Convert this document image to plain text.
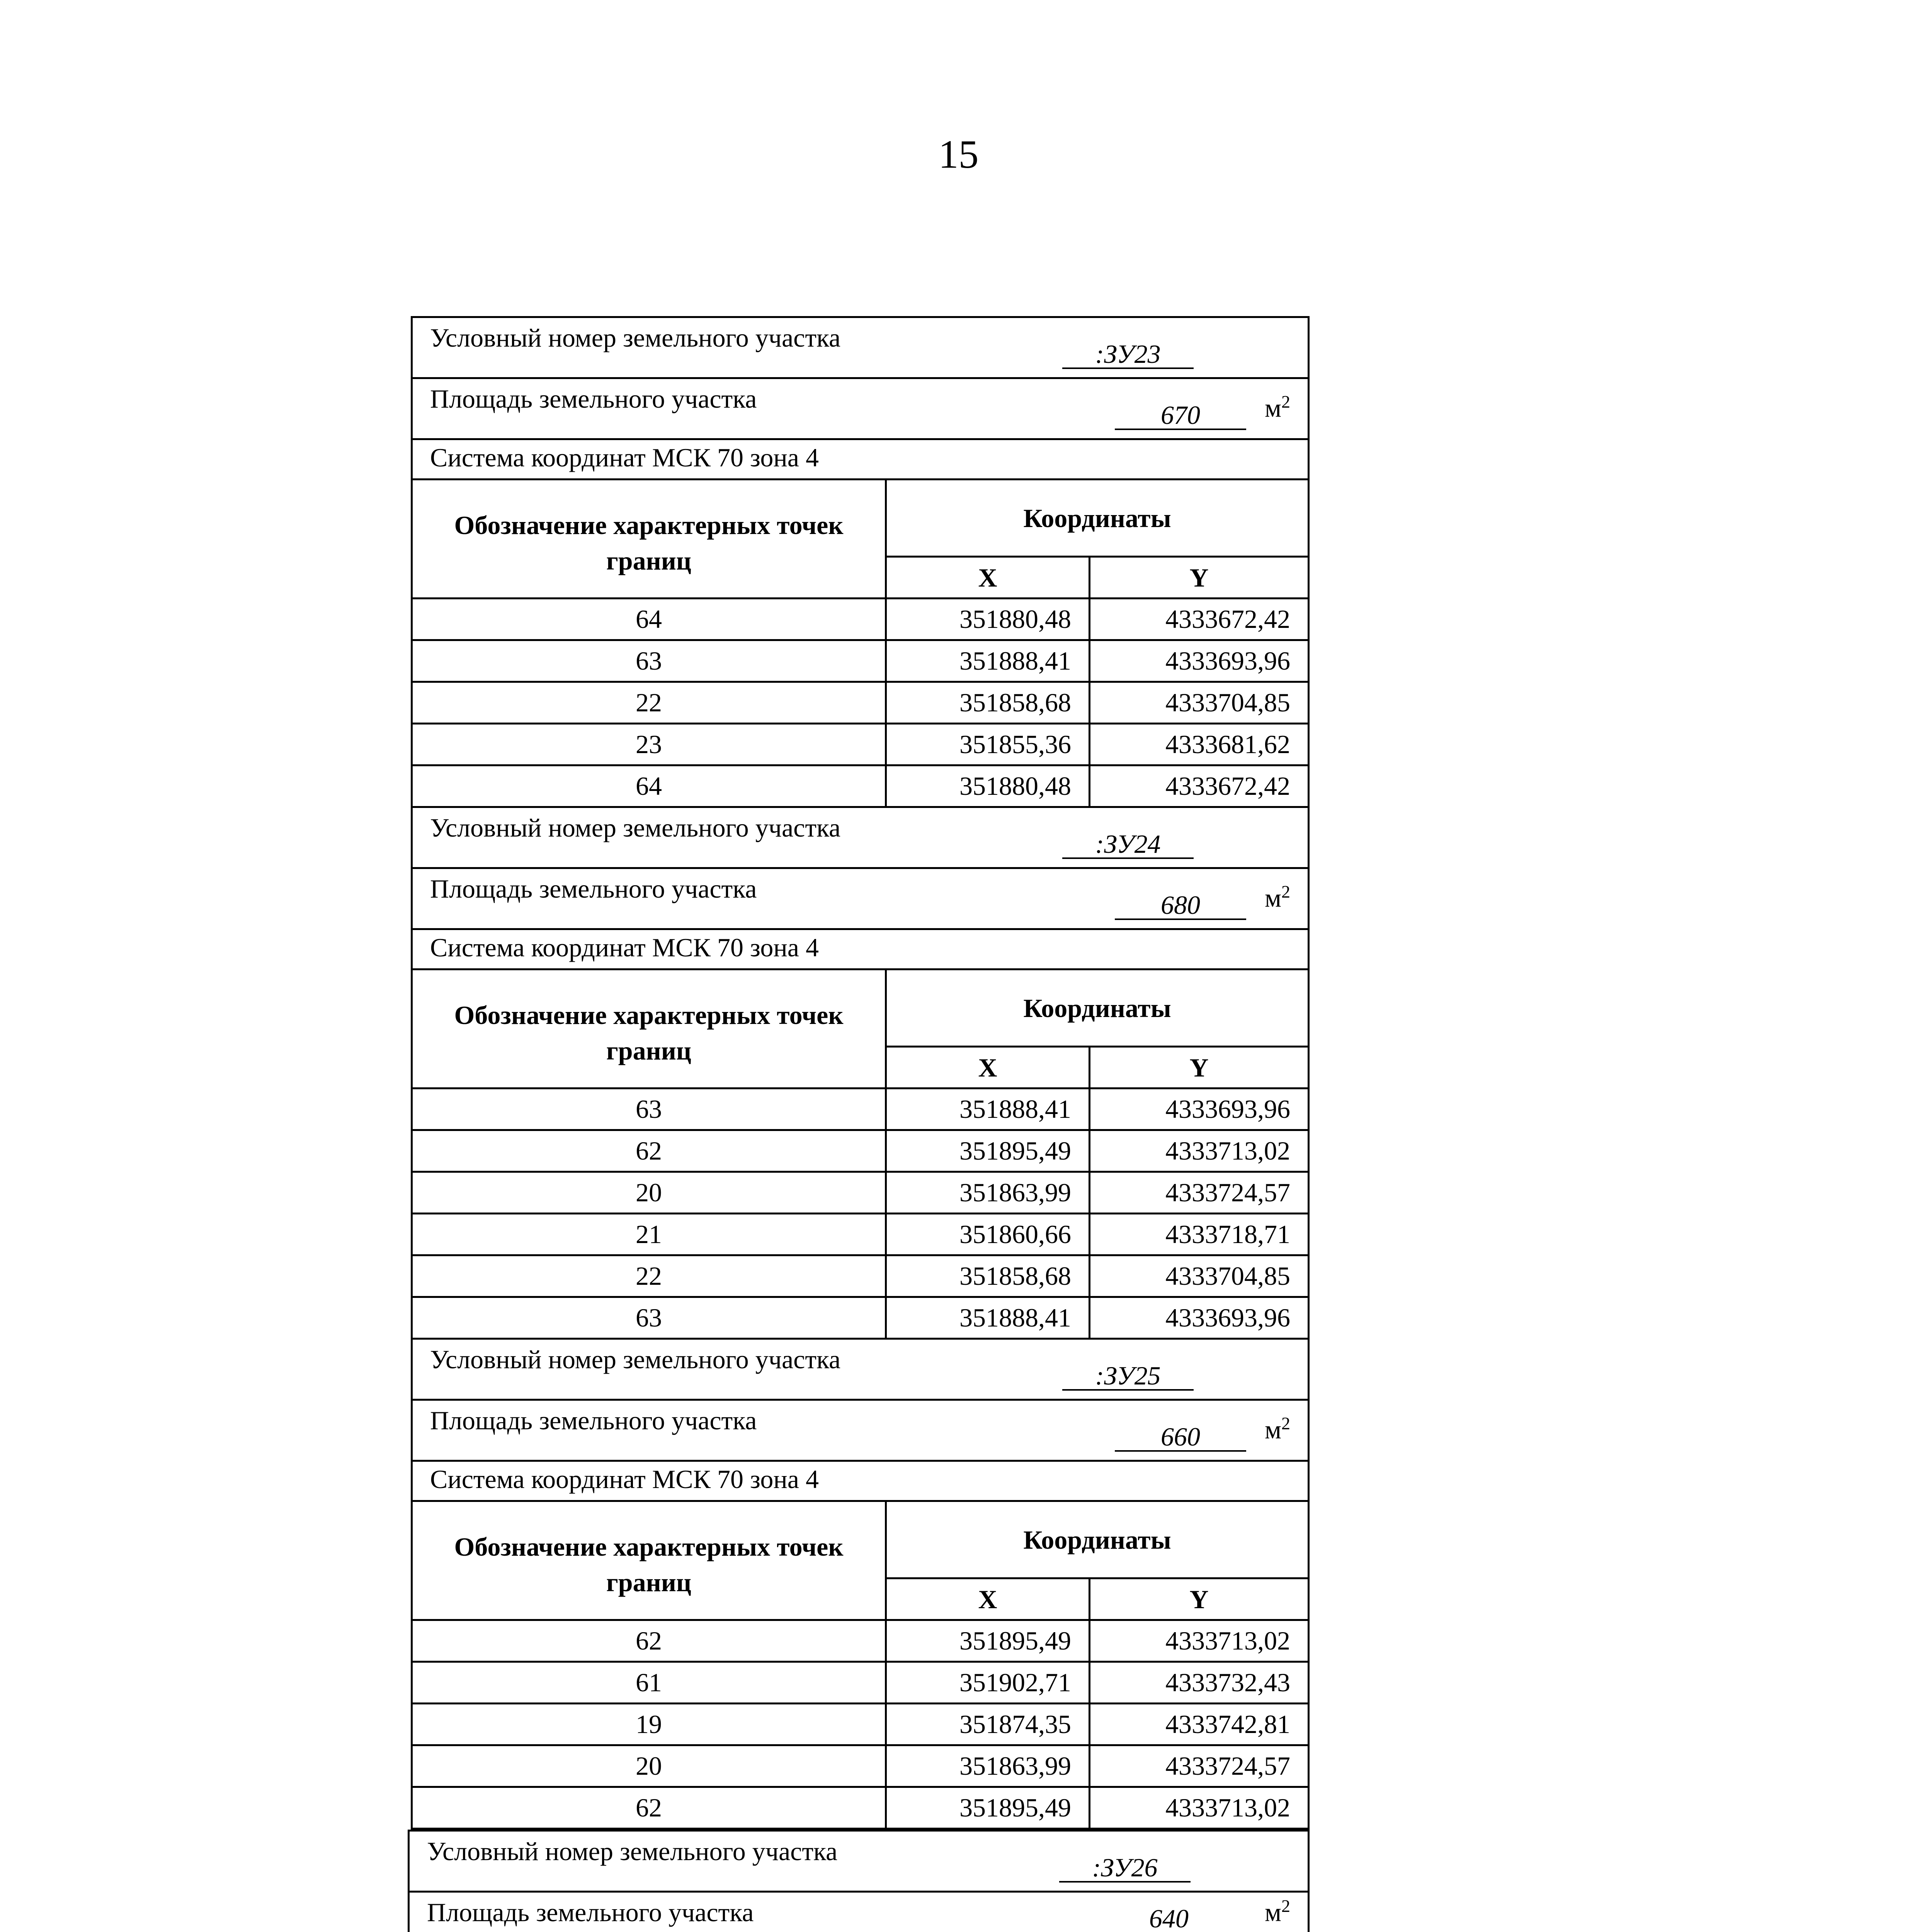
15
Условный номер земельного участка
:ЗУ23		

Площадь земельного участка $м^2$
670		

Система координат МСК 70 зона 4		
Обозначение характерных точек границ	Координаты	
	X	Y
64	351880,48	4333672,42
63	351888,41	4333693,96
22	351858,68	4333704,85
23	351855,36	4333681,62
64	351880,48	4333672,42
Условный номер земельного участка
:ЗУ24		

Площадь земельного участка $м^2$
680		

Система координат МСК 70 зона 4		
Обозначение характерных точек границ	Координаты	
	X	Y
63	351888,41	4333693,96
62	351895,49	4333713,02
20	351863,99	4333724,57
21	351860,66	4333718,71
22	351858,68	4333704,85
63	351888,41	4333693,96
Условный номер земельного участка
:ЗУ25		

Площадь земельного участка $м^2$
660		

Система координат МСК 70 зона 4		
Обозначение характерных точек границ	Координаты	
	X	Y
62	351895,49	4333713,02
61	351902,71	4333732,43
19	351874,35	4333742,81
20	351863,99	4333724,57
62	351895,49	4333713,02
Условный номер земельного участка
:ЗУ26

Площадь земельного участка	$м^2$
640
